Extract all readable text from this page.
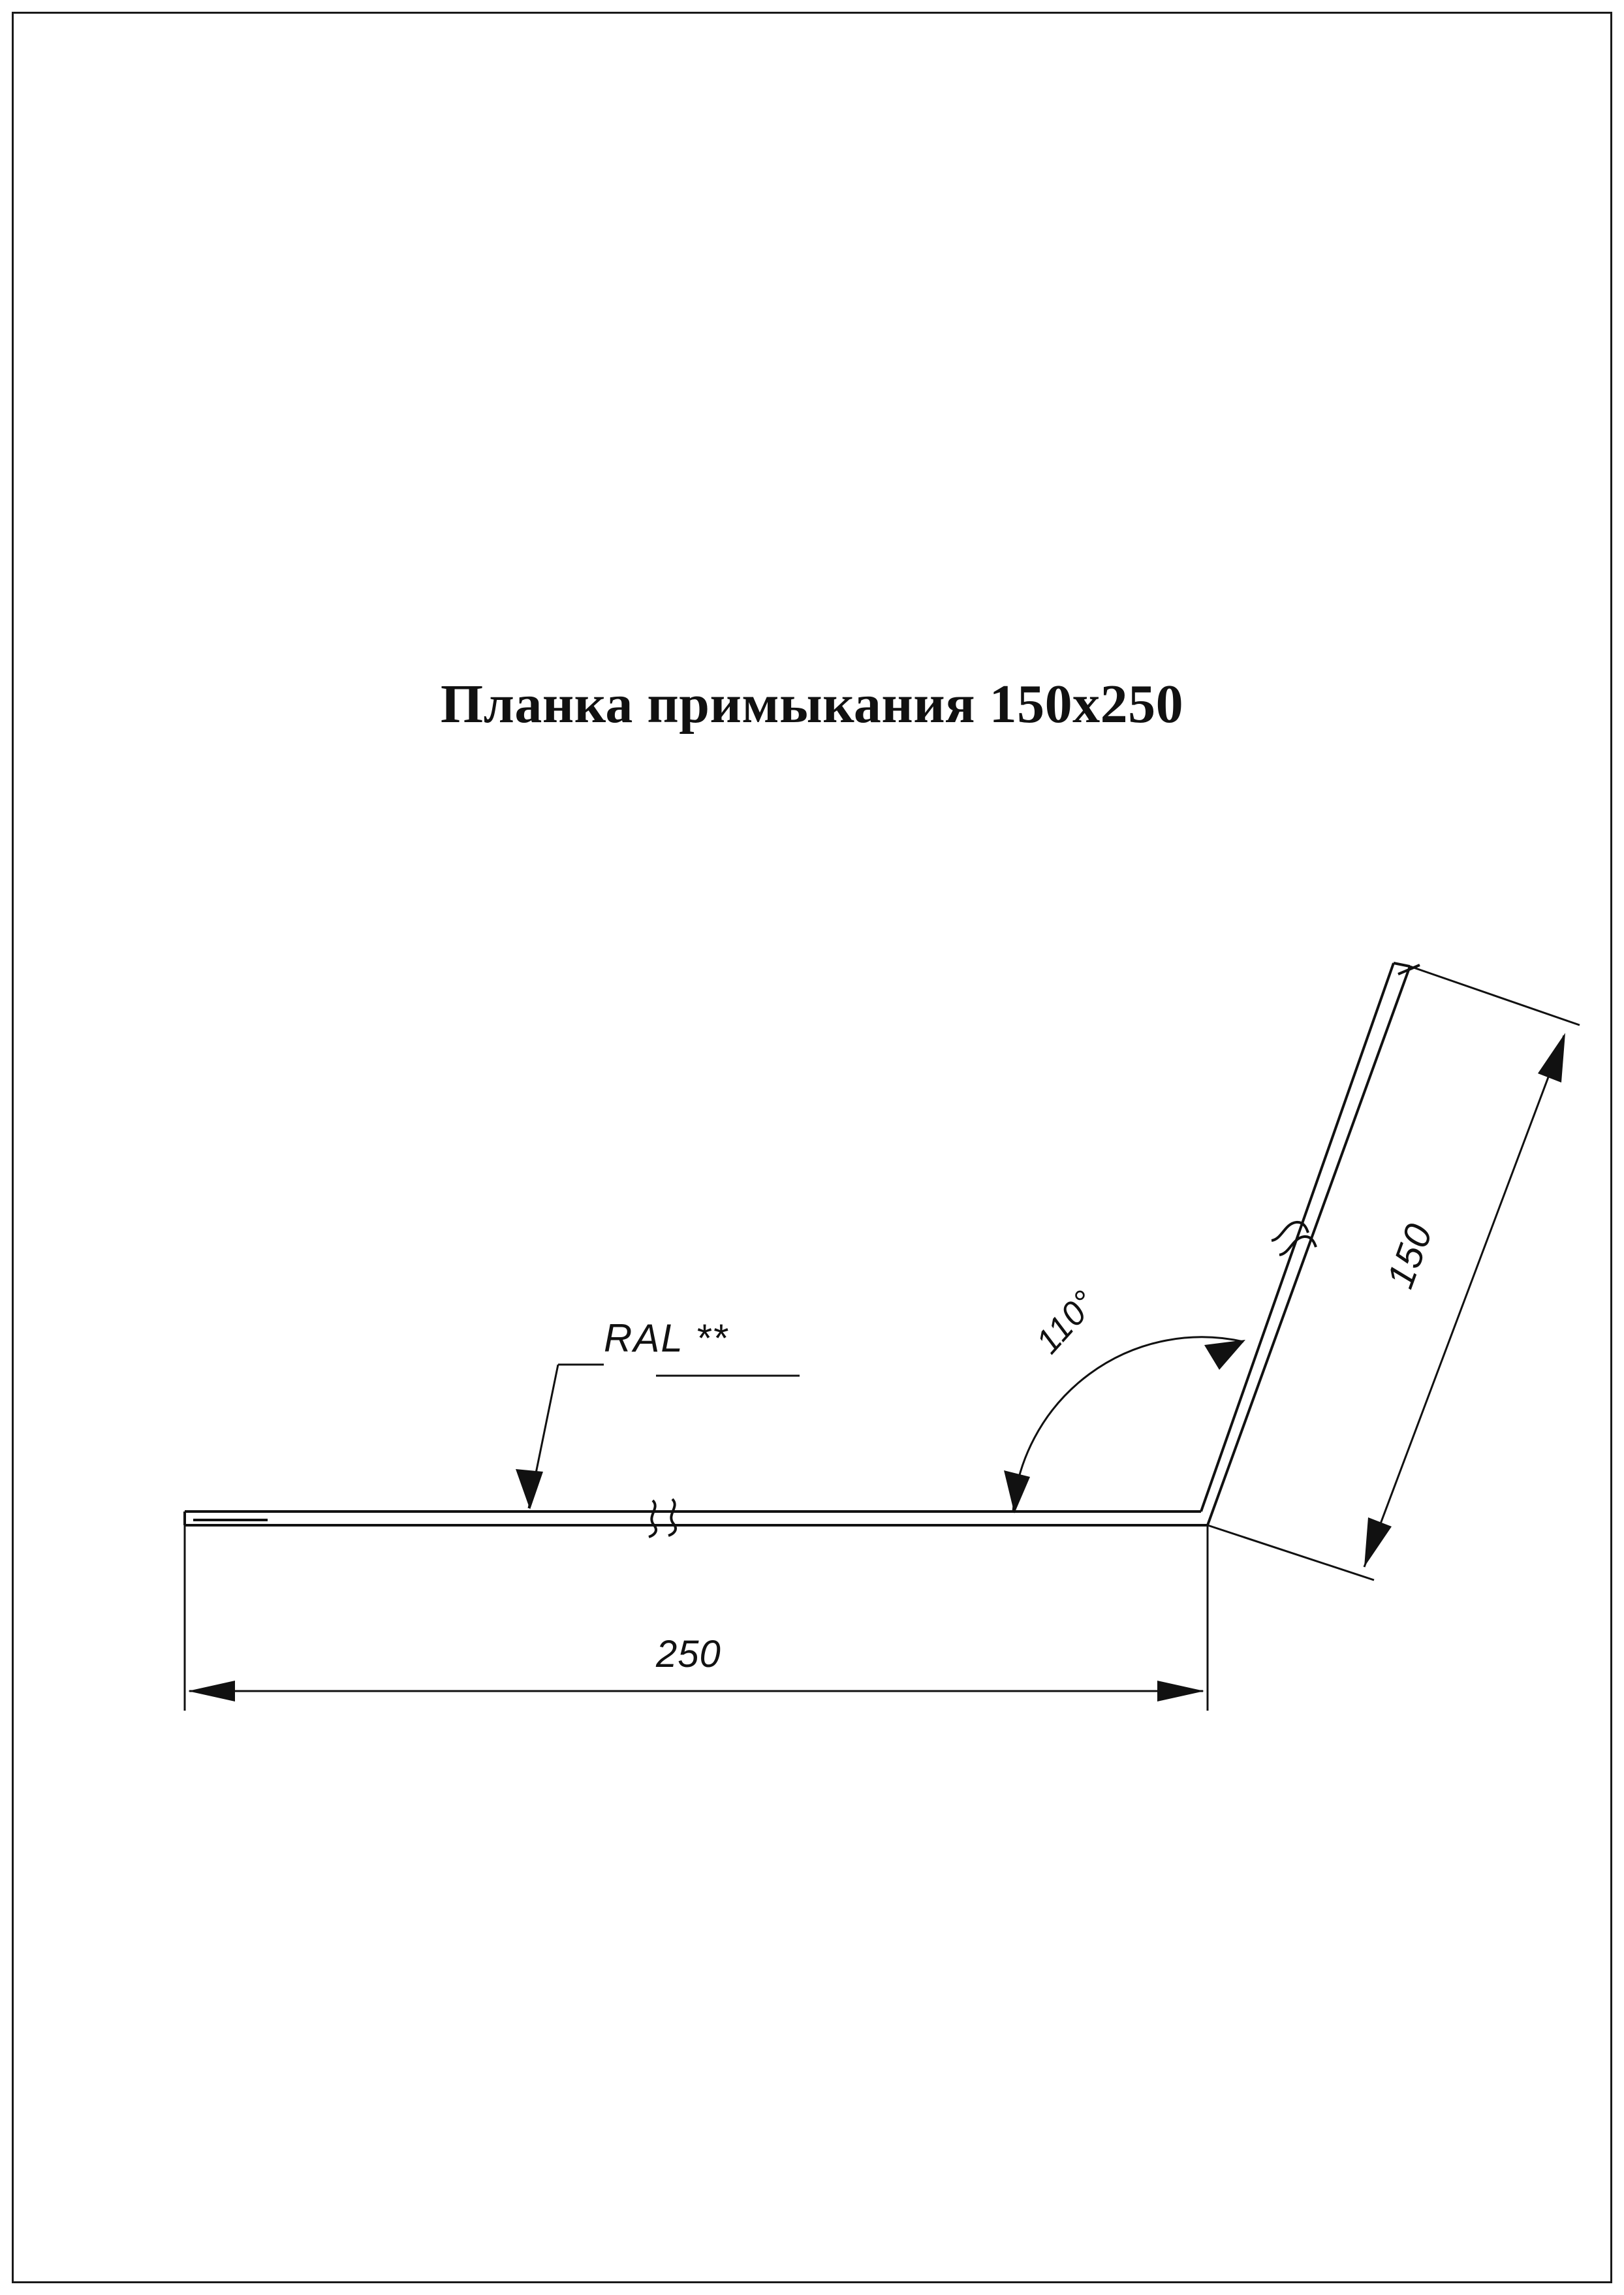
Планка примыкания 150х250
RAL **
250
150
110°
